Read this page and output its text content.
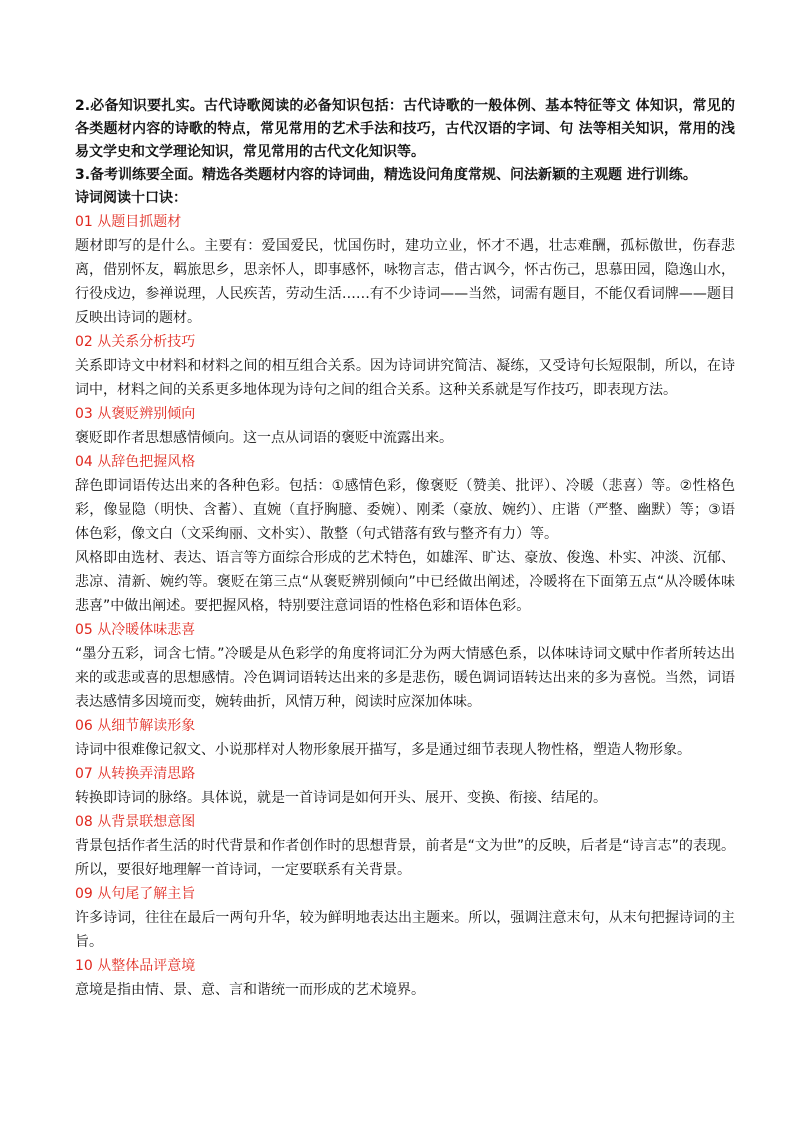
2.必备知识要扎实。古代诗歌阅读的必备知识包括：古代诗歌的一般体例、基本特征等文 体知识，常见的各类题材内容的诗歌的特点，常见常用的艺术手法和技巧，古代汉语的字词、句 法等相关知识，常用的浅易文学史和文学理论知识，常见常用的古代文化知识等。

3.备考训练要全面。精选各类题材内容的诗词曲，精选设问角度常规、问法新颖的主观题 进行训练。

诗词阅读十口诀：

01 从题目抓题材

题材即写的是什么。主要有：爱国爱民，忧国伤时，建功立业，怀才不遇，壮志难酬，孤标傲世，伤春悲离，借别怀友，羁旅思乡，思亲怀人，即事感怀，咏物言志，借古讽今，怀古伤己，思慕田园，隐逸山水，行役戍边，参禅说理，人民疾苦，劳动生活……有不少诗词——当然，词需有题目，不能仅看词牌——题目反映出诗词的题材。

02 从关系分析技巧

关系即诗文中材料和材料之间的相互组合关系。因为诗词讲究简洁、凝练，又受诗句长短限制，所以，在诗词中，材料之间的关系更多地体现为诗句之间的组合关系。这种关系就是写作技巧，即表现方法。

03 从褒贬辨别倾向

褒贬即作者思想感情倾向。这一点从词语的褒贬中流露出来。

04 从辞色把握风格

辞色即词语传达出来的各种色彩。包括：①感情色彩，像褒贬（赞美、批评）、冷暖（悲喜）等。②性格色彩，像显隐（明快、含蓄）、直婉（直抒胸臆、委婉）、刚柔（豪放、婉约）、庄谐（严整、幽默）等；③语体色彩，像文白（文采绚丽、文朴实）、散整（句式错落有致与整齐有力）等。

风格即由选材、表达、语言等方面综合形成的艺术特色，如雄浑、旷达、豪放、俊逸、朴实、冲淡、沉郁、悲凉、清新、婉约等。褒贬在第三点“从褒贬辨别倾向”中已经做出阐述，冷暖将在下面第五点“从冷暖体味悲喜”中做出阐述。要把握风格，特别要注意词语的性格色彩和语体色彩。

05 从冷暖体味悲喜

“墨分五彩，词含七情。”冷暖是从色彩学的角度将词汇分为两大情感色系，以体味诗词文赋中作者所转达出来的或悲或喜的思想感情。冷色调词语转达出来的多是悲伤，暖色调词语转达出来的多为喜悦。当然，词语表达感情多因境而变，婉转曲折，风情万种，阅读时应深加体味。

06 从细节解读形象

诗词中很难像记叙文、小说那样对人物形象展开描写，多是通过细节表现人物性格，塑造人物形象。

07 从转换弄清思路

转换即诗词的脉络。具体说，就是一首诗词是如何开头、展开、变换、衔接、结尾的。

08 从背景联想意图

背景包括作者生活的时代背景和作者创作时的思想背景，前者是“文为世”的反映，后者是“诗言志”的表现。所以，要很好地理解一首诗词，一定要联系有关背景。

09 从句尾了解主旨

许多诗词，往往在最后一两句升华，较为鲜明地表达出主题来。所以，强调注意末句，从末句把握诗词的主旨。

10 从整体品评意境

意境是指由情、景、意、言和谐统一而形成的艺术境界。
